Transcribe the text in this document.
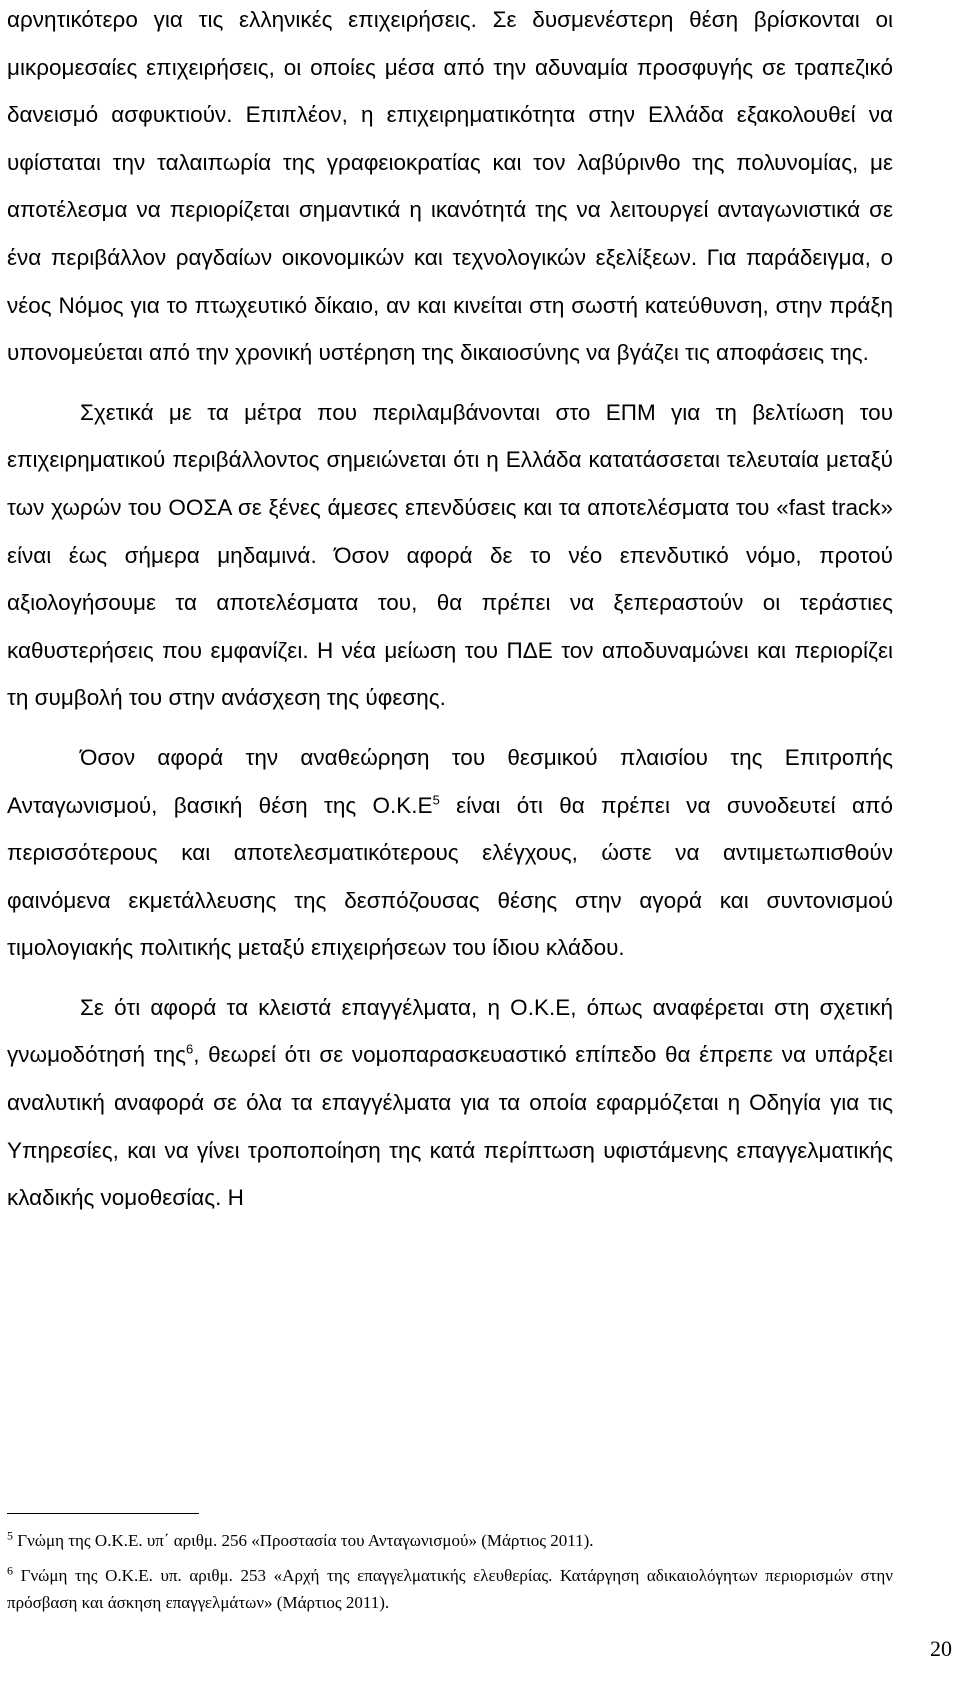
αρνητικότερο για τις ελληνικές επιχειρήσεις. Σε δυσμενέστερη θέση βρίσκονται οι μικρομεσαίες επιχειρήσεις, οι οποίες μέσα από την αδυναμία προσφυγής σε τραπεζικό δανεισμό ασφυκτιούν. Επιπλέον, η επιχειρηματικότητα στην Ελλάδα εξακολουθεί να υφίσταται την ταλαιπωρία της γραφειοκρατίας και τον λαβύρινθο της πολυνομίας, με αποτέλεσμα να περιορίζεται σημαντικά η ικανότητά της να λειτουργεί ανταγωνιστικά σε ένα περιβάλλον ραγδαίων οικονομικών και τεχνολογικών εξελίξεων. Για παράδειγμα, ο νέος Νόμος για το πτωχευτικό δίκαιο, αν και κινείται στη σωστή κατεύθυνση, στην πράξη υπονομεύεται από την χρονική υστέρηση της δικαιοσύνης να βγάζει τις αποφάσεις της.

Σχετικά με τα μέτρα που περιλαμβάνονται στο ΕΠΜ για τη βελτίωση του επιχειρηματικού περιβάλλοντος σημειώνεται ότι η Ελλάδα κατατάσσεται τελευταία μεταξύ των χωρών του ΟΟΣΑ σε ξένες άμεσες επενδύσεις και τα αποτελέσματα του «fast track» είναι έως σήμερα μηδαμινά. Όσον αφορά δε το νέο επενδυτικό νόμο, προτού αξιολογήσουμε τα αποτελέσματα του, θα πρέπει να ξεπεραστούν οι τεράστιες καθυστερήσεις που εμφανίζει. Η νέα μείωση του ΠΔΕ τον αποδυναμώνει και περιορίζει τη συμβολή του στην ανάσχεση της ύφεσης.

Όσον αφορά την αναθεώρηση του θεσμικού πλαισίου της Επιτροπής Ανταγωνισμού, βασική θέση της $O.K.E^5$ είναι ότι θα πρέπει να συνοδευτεί από περισσότερους και αποτελεσματικότερους ελέγχους, ώστε να αντιμετωπισθούν φαινόμενα εκμετάλλευσης της δεσπόζουσας θέσης στην αγορά και συντονισμού τιμολογιακής πολιτικής μεταξύ επιχειρήσεων του ίδιου κλάδου.

Σε ότι αφορά τα κλειστά επαγγέλματα, η Ο.Κ.Ε, όπως αναφέρεται στη σχετική γνωμοδότησή της$^6$, θεωρεί ότι σε νομοπαρασκευαστικό επίπεδο θα έπρεπε να υπάρξει αναλυτική αναφορά σε όλα τα επαγγέλματα για τα οποία εφαρμόζεται η Οδηγία για τις Υπηρεσίες, και να γίνει τροποποίηση της κατά περίπτωση υφιστάμενης επαγγελματικής κλαδικής νομοθεσίας. Η

$^5$ Γνώμη της Ο.Κ.Ε. υπ΄ αριθμ. 256 «Προστασία του Ανταγωνισμού» (Μάρτιος 2011).

$^6$ Γνώμη της Ο.Κ.Ε. υπ. αριθμ. 253 «Αρχή της επαγγελματικής ελευθερίας. Κατάργηση αδικαιολόγητων περιορισμών στην πρόσβαση και άσκηση επαγγελμάτων» (Μάρτιος 2011).

20
